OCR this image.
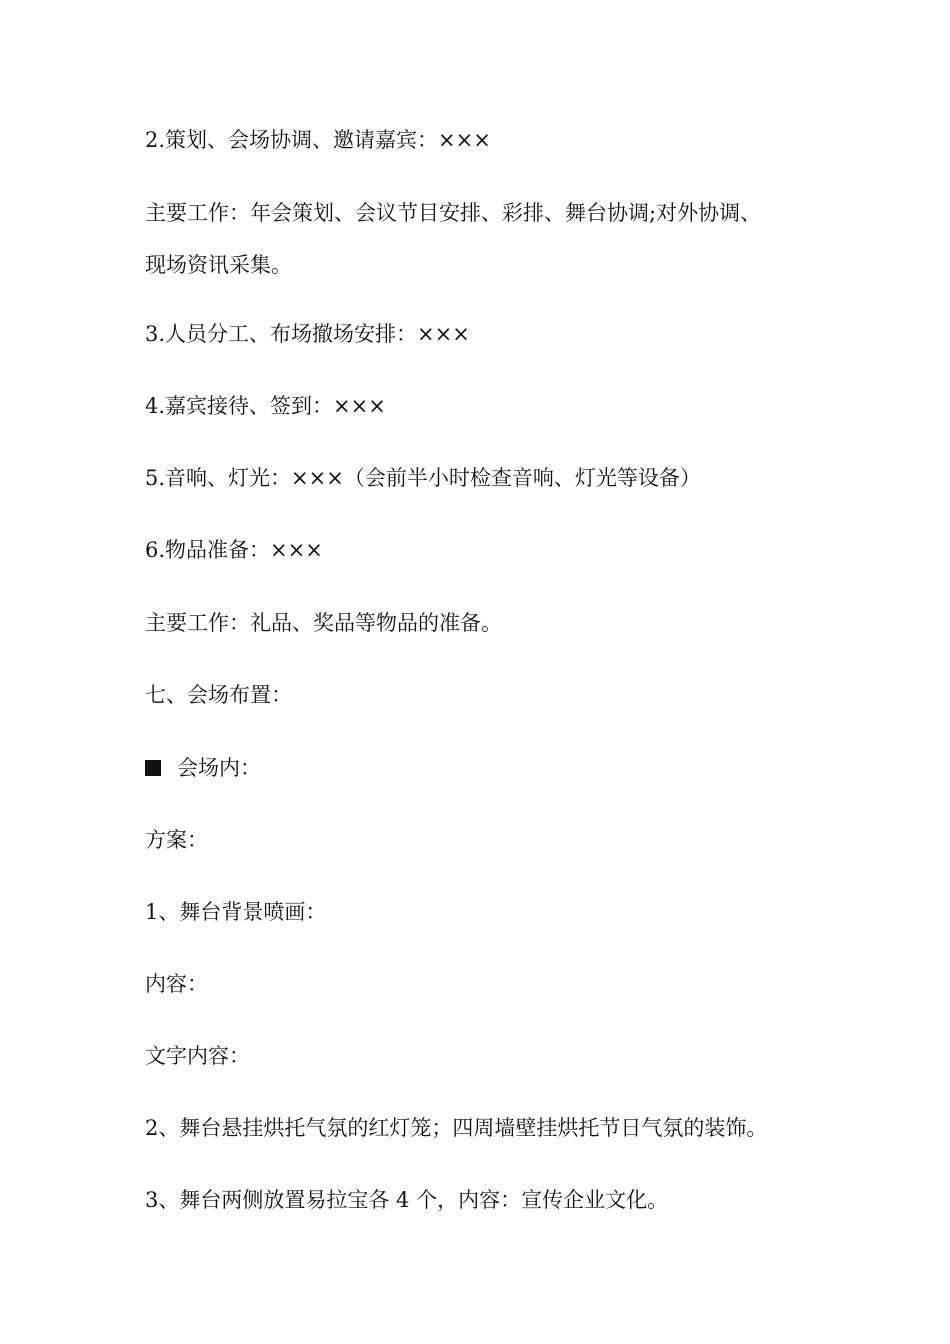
2.策划、会场协调、邀请嘉宾：×××
主要工作：年会策划、会议节目安排、彩排、舞台协调;对外协调、
现场资讯采集。
3.人员分工、布场撤场安排：×××
4.嘉宾接待、签到：×××
5.音响、灯光：×××（会前半小时检查音响、灯光等设备）
6.物品准备：×××
主要工作：礼品、奖品等物品的准备。
七、会场布置：
会场内：
方案：
1、舞台背景喷画：
内容：
文字内容：
2、舞台悬挂烘托气氛的红灯笼；四周墙壁挂烘托节日气氛的装饰。
3、舞台两侧放置易拉宝各 4 个，内容：宣传企业文化。
